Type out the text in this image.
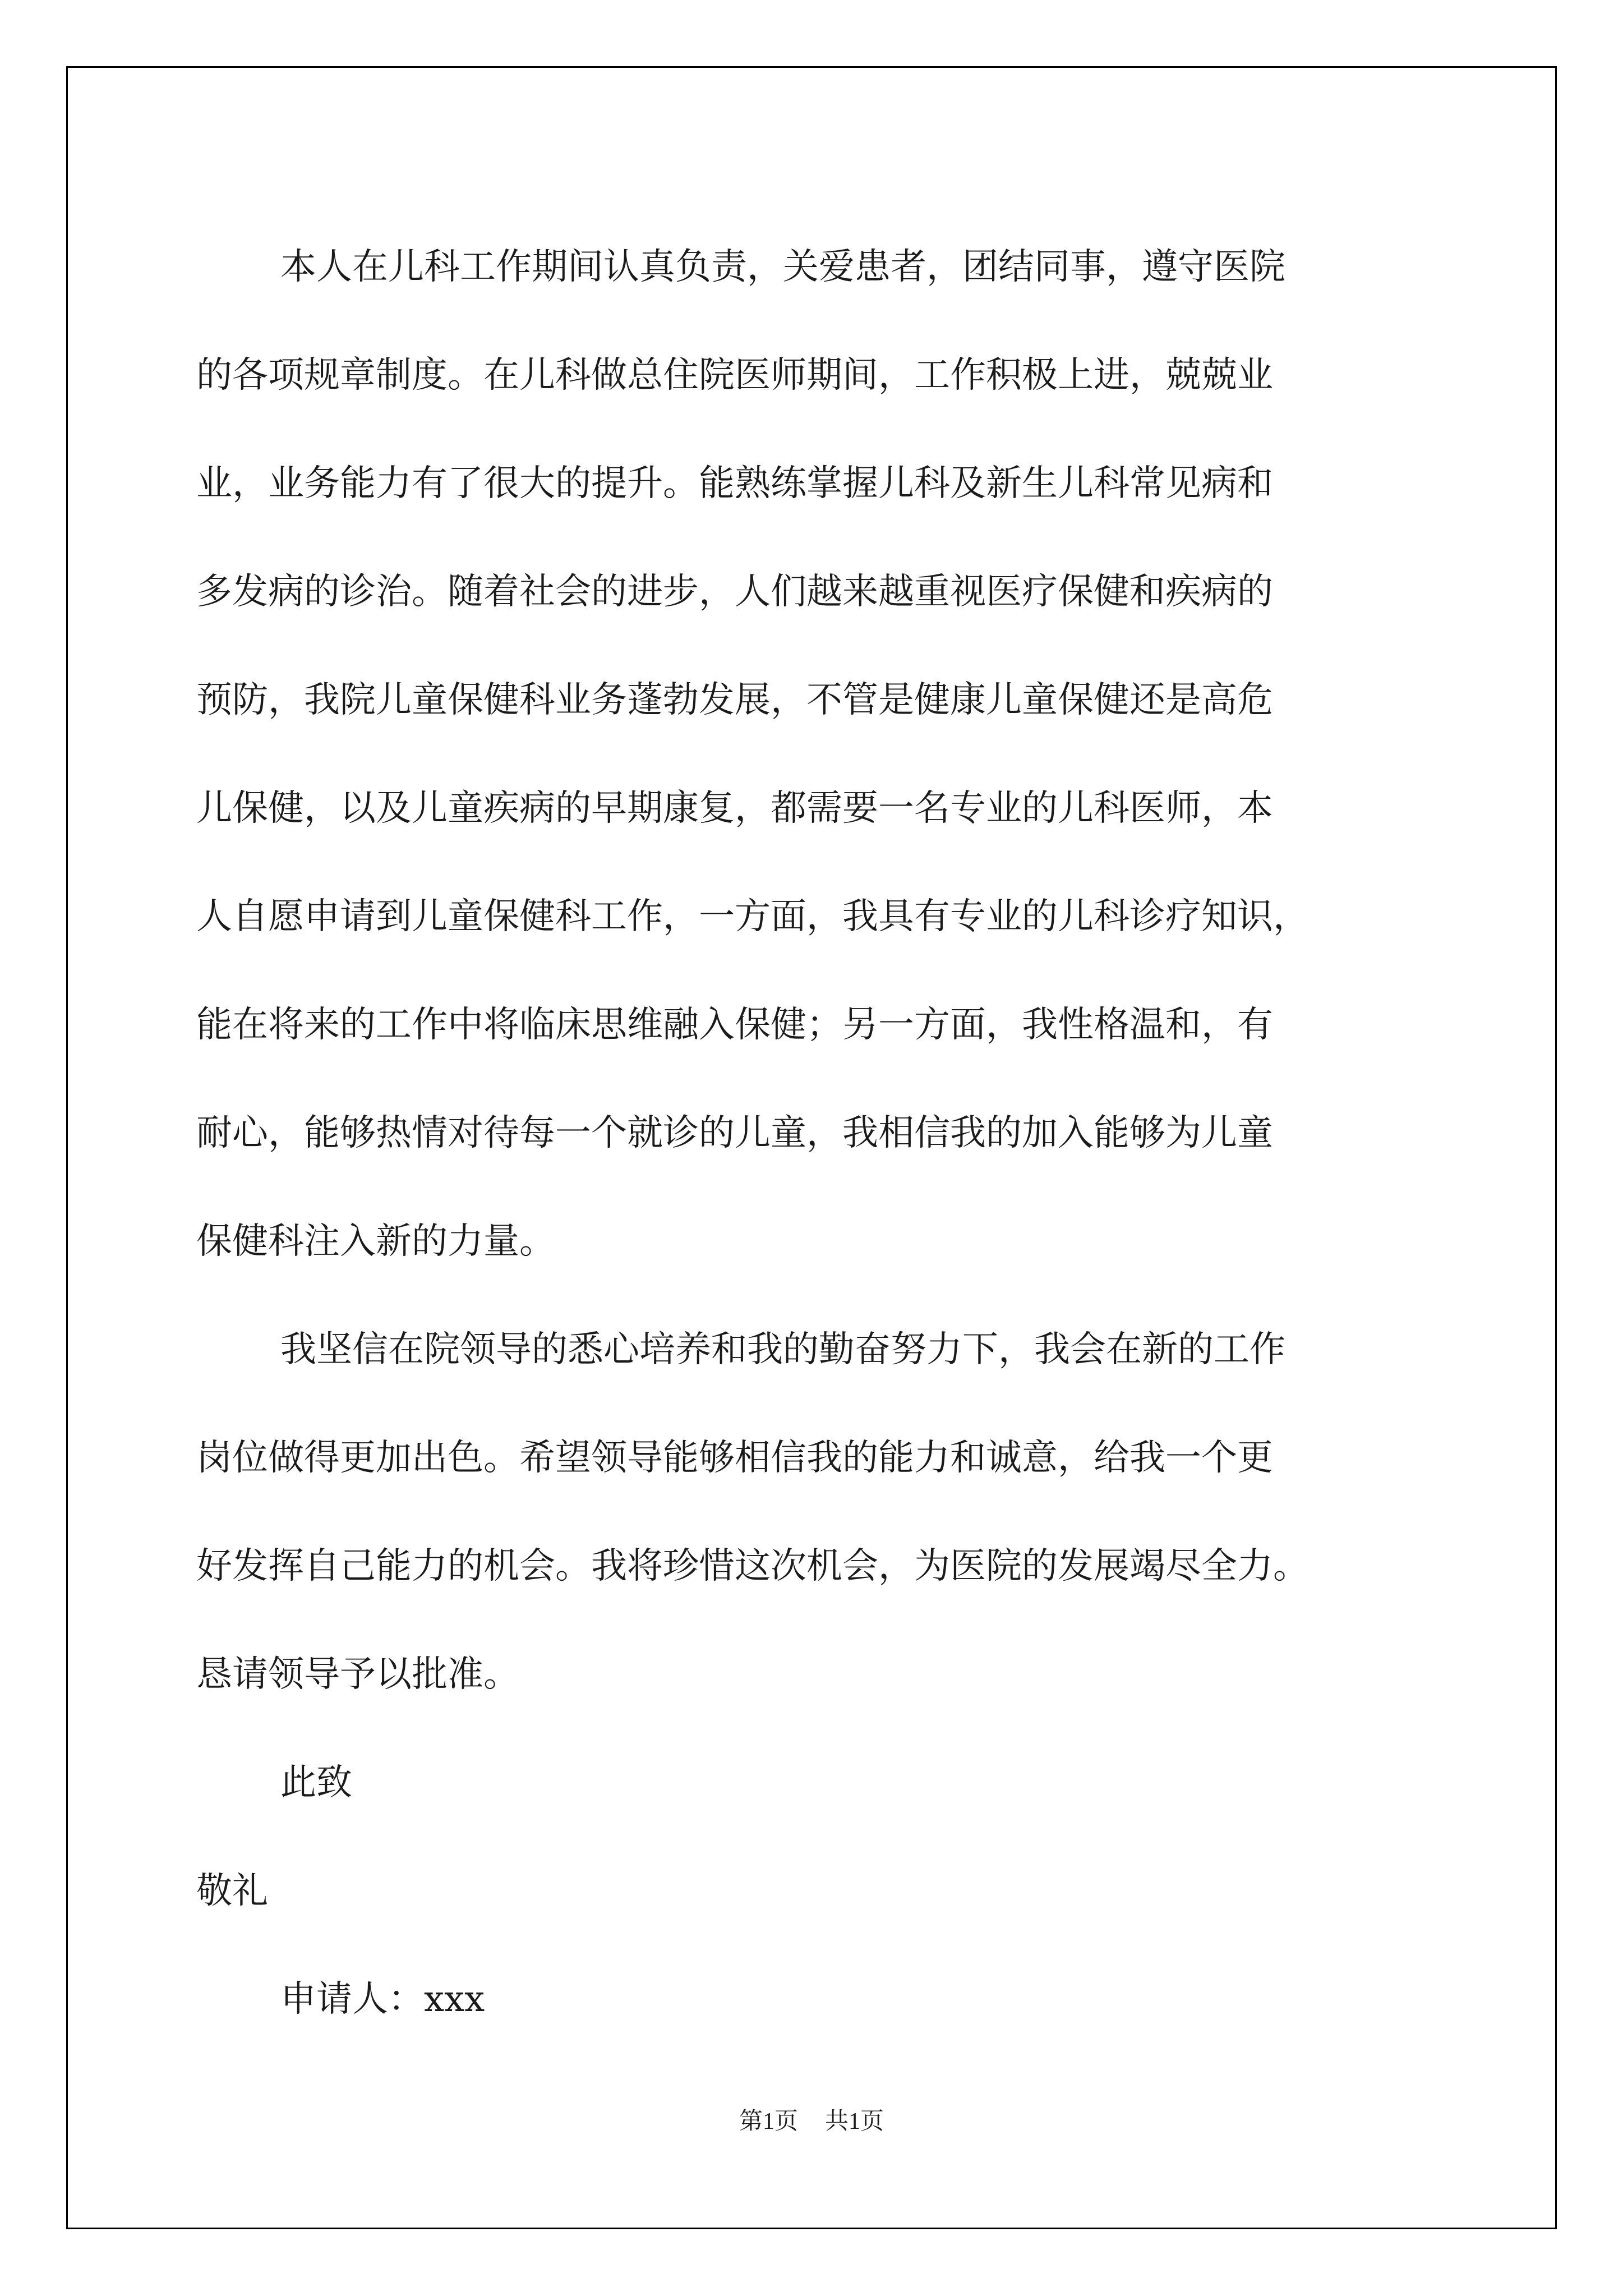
本人在儿科工作期间认真负责，关爱患者，团结同事，遵守医院
的各项规章制度。在儿科做总住院医师期间，工作积极上进，兢兢业
业，业务能力有了很大的提升。能熟练掌握儿科及新生儿科常见病和
多发病的诊治。随着社会的进步，人们越来越重视医疗保健和疾病的
预防，我院儿童保健科业务蓬勃发展，不管是健康儿童保健还是高危
儿保健，以及儿童疾病的早期康复，都需要一名专业的儿科医师，本
人自愿申请到儿童保健科工作，一方面，我具有专业的儿科诊疗知识，
能在将来的工作中将临床思维融入保健；另一方面，我性格温和，有
耐心，能够热情对待每一个就诊的儿童，我相信我的加入能够为儿童
保健科注入新的力量。
我坚信在院领导的悉心培养和我的勤奋努力下，我会在新的工作
岗位做得更加出色。希望领导能够相信我的能力和诚意，给我一个更
好发挥自己能力的机会。我将珍惜这次机会，为医院的发展竭尽全力。
恳请领导予以批准。
此致
敬礼
申请人：xxx
第1页 共1页
